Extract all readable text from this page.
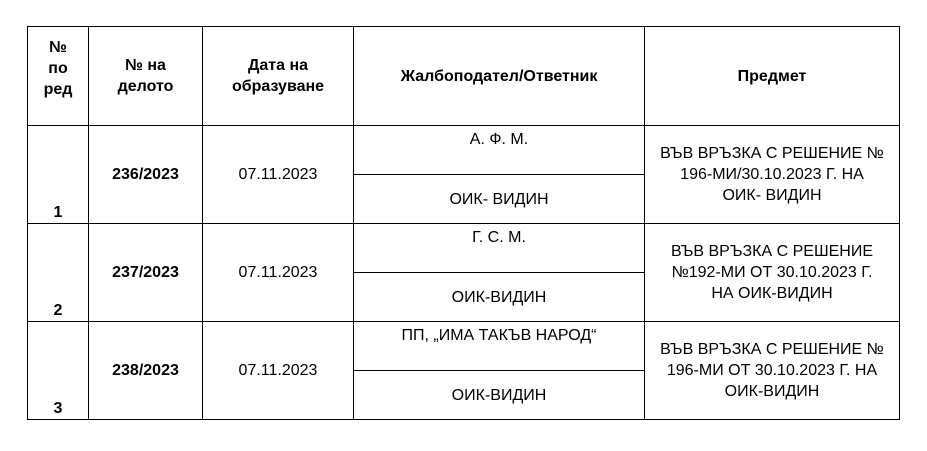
№
по
ред	№ на
делото	Дата на
образуване	Жалбоподател/Ответник	Предмет
1	236/2023	07.11.2023	А. Ф. М.	ВЪВ ВРЪЗКА С РЕШЕНИЕ №
196-МИ/30.10.2023 Г. НА
ОИК- ВИДИН

			ОИК- ВИДИН	
2	237/2023	07.11.2023	Г. С. М.	ВЪВ ВРЪЗКА С РЕШЕНИЕ
№192-МИ ОТ 30.10.2023 Г.
НА ОИК-ВИДИН

			ОИК-ВИДИН	
3	238/2023	07.11.2023	ПП, „ИМА ТАКЪВ НАРОД“	ВЪВ ВРЪЗКА С РЕШЕНИЕ №
196-МИ ОТ 30.10.2023 Г. НА
ОИК-ВИДИН

			ОИК-ВИДИН	
